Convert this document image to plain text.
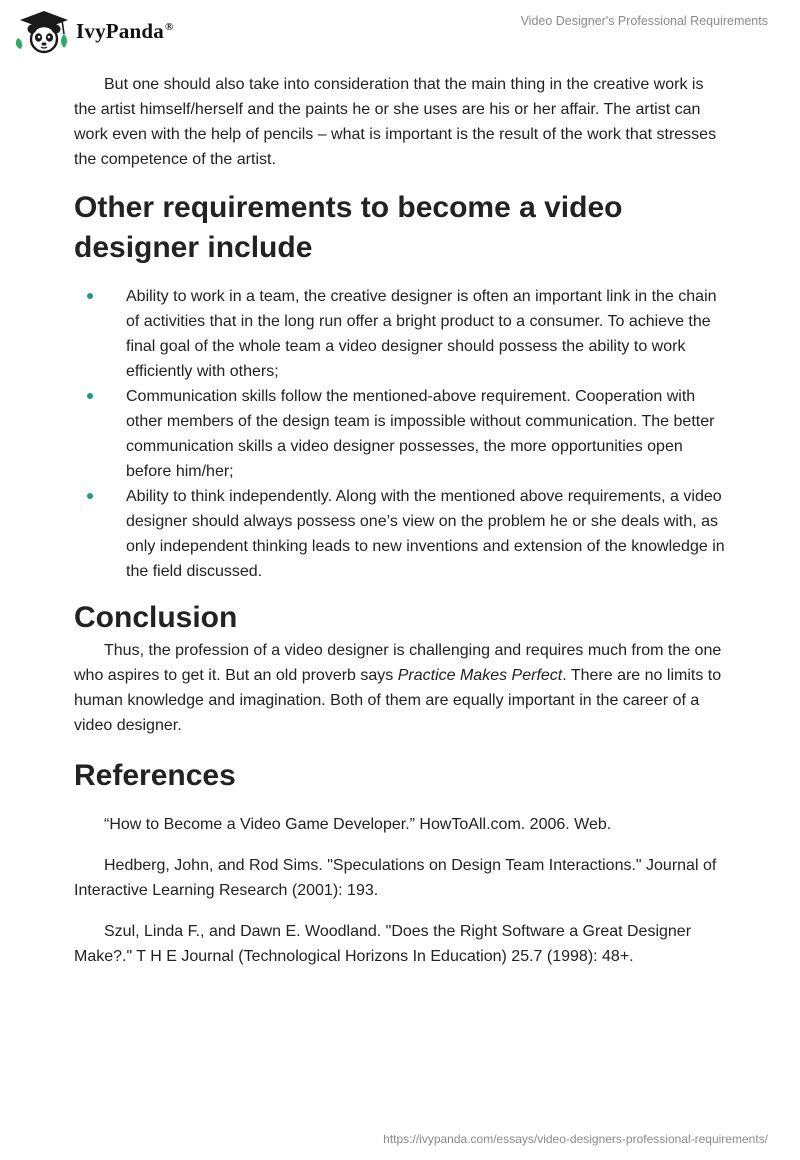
IvyPanda®	Video Designer's Professional Requirements

But one should also take into consideration that the main thing in the creative work is the artist himself/herself and the paints he or she uses are his or her affair. The artist can work even with the help of pencils – what is important is the result of the work that stresses the competence of the artist.

Other requirements to become a video designer include
Ability to work in a team, the creative designer is often an important link in the chain of activities that in the long run offer a bright product to a consumer. To achieve the final goal of the whole team a video designer should possess the ability to work efficiently with others;
Communication skills follow the mentioned-above requirement. Cooperation with other members of the design team is impossible without communication. The better communication skills a video designer possesses, the more opportunities open before him/her;
Ability to think independently. Along with the mentioned above requirements, a video designer should always possess one’s view on the problem he or she deals with, as only independent thinking leads to new inventions and extension of the knowledge in the field discussed.
Conclusion

Thus, the profession of a video designer is challenging and requires much from the one who aspires to get it. But an old proverb says Practice Makes Perfect. There are no limits to human knowledge and imagination. Both of them are equally important in the career of a video designer.

References

“How to Become a Video Game Developer.” HowToAll.com. 2006. Web.

Hedberg, John, and Rod Sims. "Speculations on Design Team Interactions." Journal of Interactive Learning Research (2001): 193.

Szul, Linda F., and Dawn E. Woodland. "Does the Right Software a Great Designer Make?." T H E Journal (Technological Horizons In Education) 25.7 (1998): 48+.

https://ivypanda.com/essays/video-designers-professional-requirements/
